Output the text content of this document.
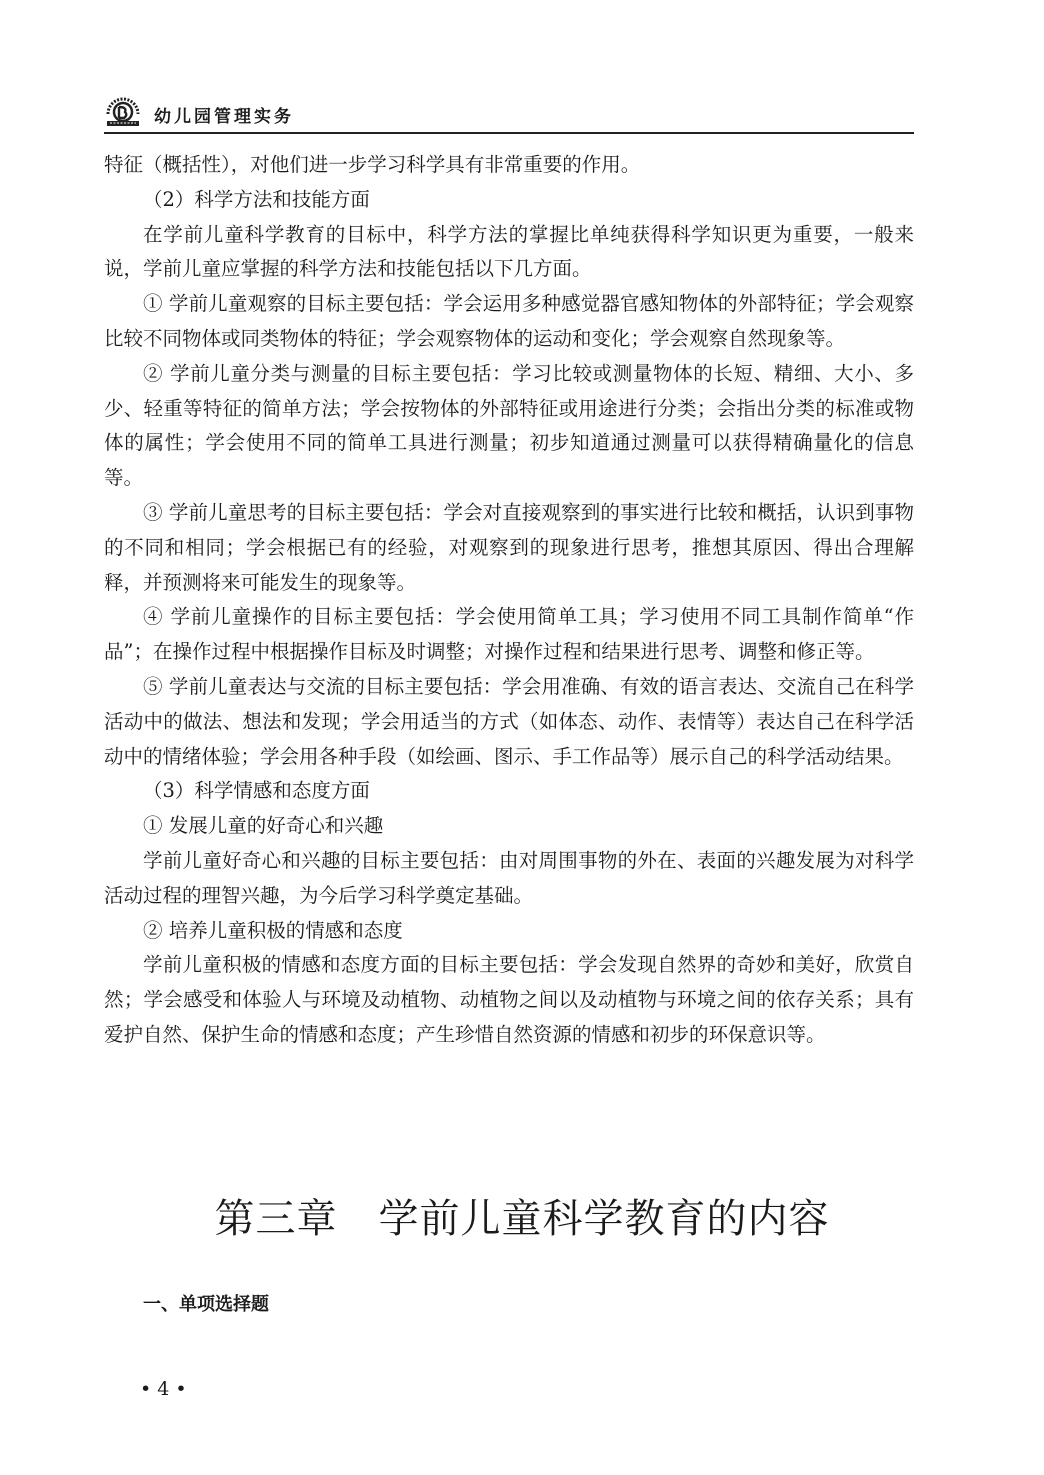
幼儿园管理实务

特征（概括性），对他们进一步学习科学具有非常重要的作用。

（2）科学方法和技能方面

在学前儿童科学教育的目标中，科学方法的掌握比单纯获得科学知识更为重要，一般来说，学前儿童应掌握的科学方法和技能包括以下几方面。

① 学前儿童观察的目标主要包括：学会运用多种感觉器官感知物体的外部特征；学会观察比较不同物体或同类物体的特征；学会观察物体的运动和变化；学会观察自然现象等。

② 学前儿童分类与测量的目标主要包括：学习比较或测量物体的长短、精细、大小、多少、轻重等特征的简单方法；学会按物体的外部特征或用途进行分类；会指出分类的标准或物体的属性；学会使用不同的简单工具进行测量；初步知道通过测量可以获得精确量化的信息等。

③ 学前儿童思考的目标主要包括：学会对直接观察到的事实进行比较和概括，认识到事物的不同和相同；学会根据已有的经验，对观察到的现象进行思考，推想其原因、得出合理解释，并预测将来可能发生的现象等。

④ 学前儿童操作的目标主要包括：学会使用简单工具；学习使用不同工具制作简单“作品”；在操作过程中根据操作目标及时调整；对操作过程和结果进行思考、调整和修正等。

⑤ 学前儿童表达与交流的目标主要包括：学会用准确、有效的语言表达、交流自己在科学活动中的做法、想法和发现；学会用适当的方式（如体态、动作、表情等）表达自己在科学活动中的情绪体验；学会用各种手段（如绘画、图示、手工作品等）展示自己的科学活动结果。

（3）科学情感和态度方面

① 发展儿童的好奇心和兴趣

学前儿童好奇心和兴趣的目标主要包括：由对周围事物的外在、表面的兴趣发展为对科学活动过程的理智兴趣，为今后学习科学奠定基础。

② 培养儿童积极的情感和态度

学前儿童积极的情感和态度方面的目标主要包括：学会发现自然界的奇妙和美好，欣赏自然；学会感受和体验人与环境及动植物、动植物之间以及动植物与环境之间的依存关系；具有爱护自然、保护生命的情感和态度；产生珍惜自然资源的情感和初步的环保意识等。

第三章　学前儿童科学教育的内容
一、单项选择题
• 4 •
